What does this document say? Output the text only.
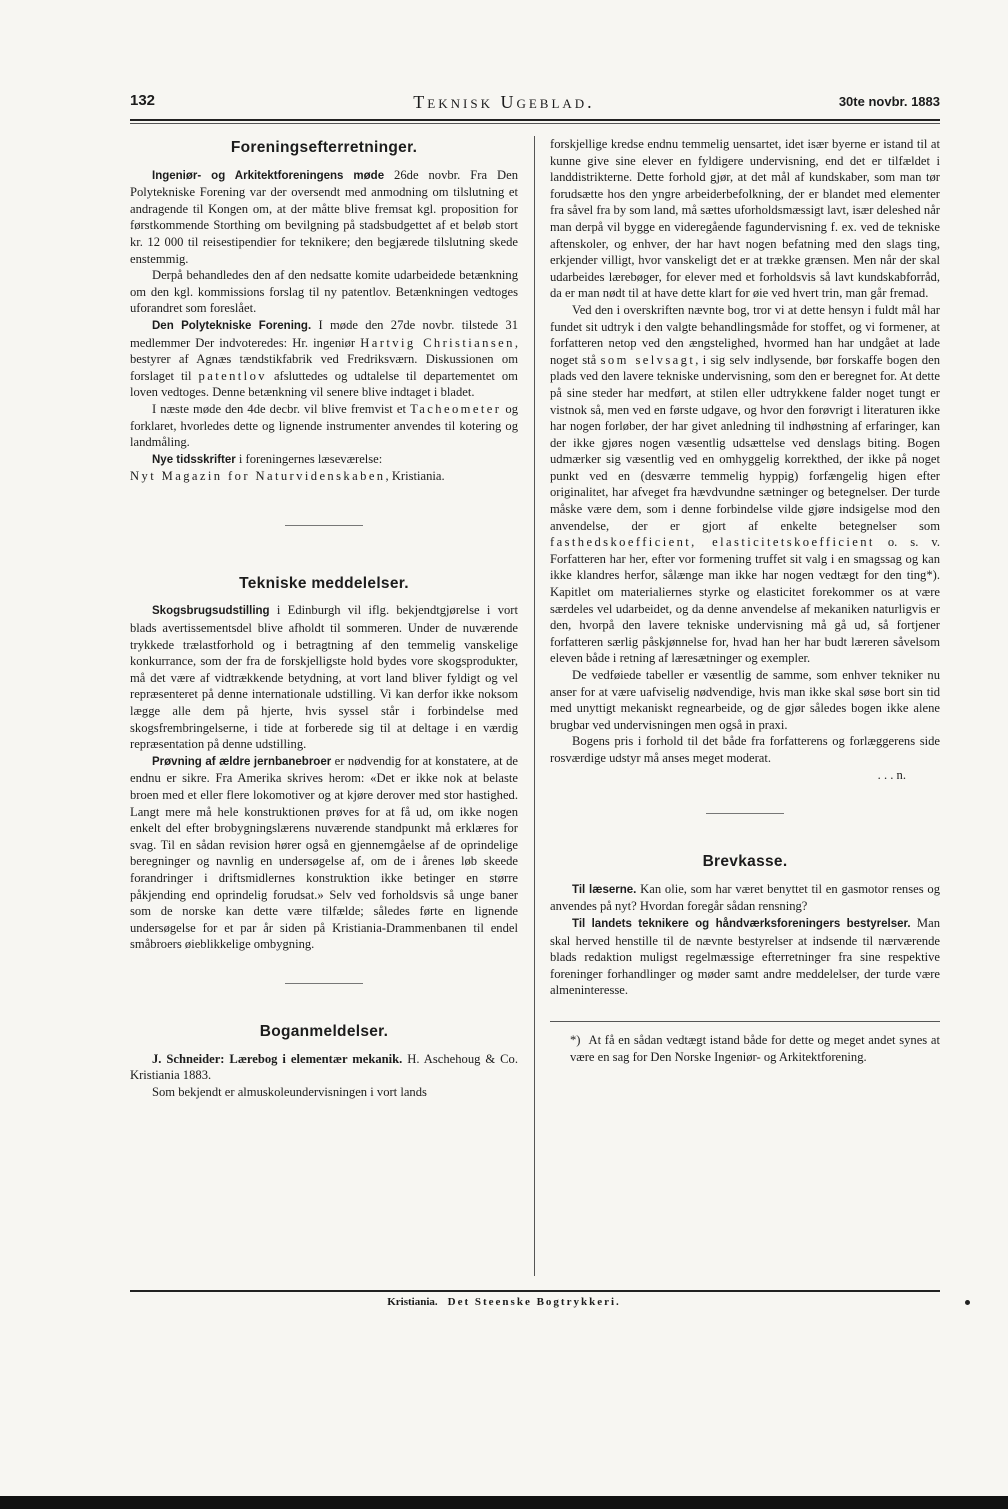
132	Teknisk Ugeblad.	30te novbr. 1883
Foreningsefterretninger.

Ingeniør- og Arkitektforeningens møde 26de novbr. Fra Den Polytekniske Forening var der oversendt med anmodning om tilslutning et andragende til Kongen om, at der måtte blive fremsat kgl. proposition for førstkommende Storthing om bevilgning på stadsbudgettet af et beløb stort kr. 12 000 til reisestipendier for teknikere; den begjærede tilslutning skede enstemmig.

Derpå behandledes den af den nedsatte komite udarbeidede betænkning om den kgl. kommissions forslag til ny patentlov. Betænkningen vedtoges uforandret som foreslået.

Den Polytekniske Forening. I møde den 27de novbr. tilstede 31 medlemmer Der indvoteredes: Hr. ingeniør Hartvig Christiansen, bestyrer af Agnæs tændstikfabrik ved Fredriksværn. Diskussionen om forslaget til patentlov afsluttedes og udtalelse til departementet om loven vedtoges. Denne betænkning vil senere blive indtaget i bladet.

I næste møde den 4de decbr. vil blive fremvist et Tacheometer og forklaret, hvorledes dette og lignende instrumenter anvendes til kotering og landmåling.

Nye tidsskrifter i foreningernes læseværelse:
Nyt Magazin for Naturvidenskaben, Kristiania.

Tekniske meddelelser.

Skogsbrugsudstilling i Edinburgh vil iflg. bekjendtgjørelse i vort blads avertissementsdel blive afholdt til sommeren. Under de nuværende trykkede trælastforhold og i betragtning af den temmelig vanskelige konkurrance, som der fra de forskjelligste hold bydes vore skogsprodukter, må det være af vidtrækkende betydning, at vort land bliver fyldigt og vel repræsenteret på denne internationale udstilling. Vi kan derfor ikke noksom lægge alle dem på hjerte, hvis syssel står i forbindelse med skogsfrembringelserne, i tide at forberede sig til at deltage i en værdig repræsentation på denne udstilling.

Prøvning af ældre jernbanebroer er nødvendig for at konstatere, at de endnu er sikre. Fra Amerika skrives herom: «Det er ikke nok at belaste broen med et eller flere lokomotiver og at kjøre derover med stor hastighed. Langt mere må hele konstruktionen prøves for at få ud, om ikke nogen enkelt del efter brobygningslærens nuværende standpunkt må erklæres for svag. Til en sådan revision hører også en gjennemgåelse af de oprindelige beregninger og navnlig en undersøgelse af, om de i årenes løb skeede forandringer i driftsmidlernes konstruktion ikke betinger en større påkjending end oprindelig forudsat.» Selv ved forholdsvis så unge baner som de norske kan dette være tilfælde; således førte en lignende undersøgelse for et par år siden på Kristiania-Drammenbanen til endel småbroers øieblikkelige ombygning.

Boganmeldelser.

J. Schneider: Lærebog i elementær mekanik. H. Aschehoug & Co. Kristiania 1883.

Som bekjendt er almuskoleundervisningen i vort lands

forskjellige kredse endnu temmelig uensartet, idet især byerne er istand til at kunne give sine elever en fyldigere undervisning, end det er tilfældet i landdistrikterne. Dette forhold gjør, at det mål af kundskaber, som man tør forudsætte hos den yngre arbeiderbefolkning, der er blandet med elementer fra såvel fra by som land, må sættes uforholdsmæssigt lavt, især deleshed når man derpå vil bygge en videregående fagundervisning f. ex. ved de tekniske aftenskoler, og enhver, der har havt nogen befatning med den slags ting, erkjender villigt, hvor vanskeligt det er at trække grænsen. Men når der skal udarbeides lærebøger, for elever med et forholdsvis så lavt kundskabforråd, da er man nødt til at have dette klart for øie ved hvert trin, man går fremad.

Ved den i overskriften nævnte bog, tror vi at dette hensyn i fuldt mål har fundet sit udtryk i den valgte behandlingsmåde for stoffet, og vi formener, at forfatteren netop ved den ængstelighed, hvormed han har undgået at lade noget stå som selvsagt, i sig selv indlysende, bør forskaffe bogen den plads ved den lavere tekniske undervisning, som den er beregnet for. At dette på sine steder har medført, at stilen eller udtrykkene falder noget tungt er vistnok så, men ved en første udgave, og hvor den forøvrigt i literaturen ikke har nogen forløber, der har givet anledning til indhøstning af erfaringer, kan der ikke gjøres nogen væsentlig udsættelse ved denslags biting. Bogen udmærker sig væsentlig ved en omhyggelig korrekthed, der ikke på noget punkt ved en (desværre temmelig hyppig) forfængelig higen efter originalitet, har afveget fra hævdvundne sætninger og betegnelser. Der turde måske være dem, som i denne forbindelse vilde gjøre indsigelse mod den anvendelse, der er gjort af enkelte betegnelser som fasthedskoefficient, elasticitetskoefficient o. s. v. Forfatteren har her, efter vor formening truffet sit valg i en smagssag og kan ikke klandres herfor, sålænge man ikke har nogen vedtægt for den ting*). Kapitlet om materialiernes styrke og elasticitet forekommer os at være særdeles vel udarbeidet, og da denne anvendelse af mekaniken naturligvis er den, hvorpå den lavere tekniske undervisning må gå ud, så fortjener forfatteren særlig påskjønnelse for, hvad han her har budt læreren såvelsom eleven både i retning af læresætninger og exempler.

De vedføiede tabeller er væsentlig de samme, som enhver tekniker nu anser for at være uafviselig nødvendige, hvis man ikke skal søse bort sin tid med unyttigt mekaniskt regnearbeide, og de gjør således bogen ikke alene brugbar ved undervisningen men også in praxi.

Bogens pris i forhold til det både fra forfatterens og forlæggerens side rosværdige udstyr må anses meget moderat.

. . . n.

Brevkasse.

Til læserne. Kan olie, som har været benyttet til en gasmotor renses og anvendes på nyt? Hvordan foregår sådan rensning?

Til landets teknikere og håndværksforeningers bestyrelser. Man skal herved henstille til de nævnte bestyrelser at indsende til nærværende blads redaktion muligst regelmæssige efterretninger fra sine respektive foreninger forhandlinger og møder samt andre meddelelser, der turde være almeninteresse.

*) At få en sådan vedtægt istand både for dette og meget andet synes at være en sag for Den Norske Ingeniør- og Arkitektforening.

Kristiania. Det Steenske Bogtrykkeri.
